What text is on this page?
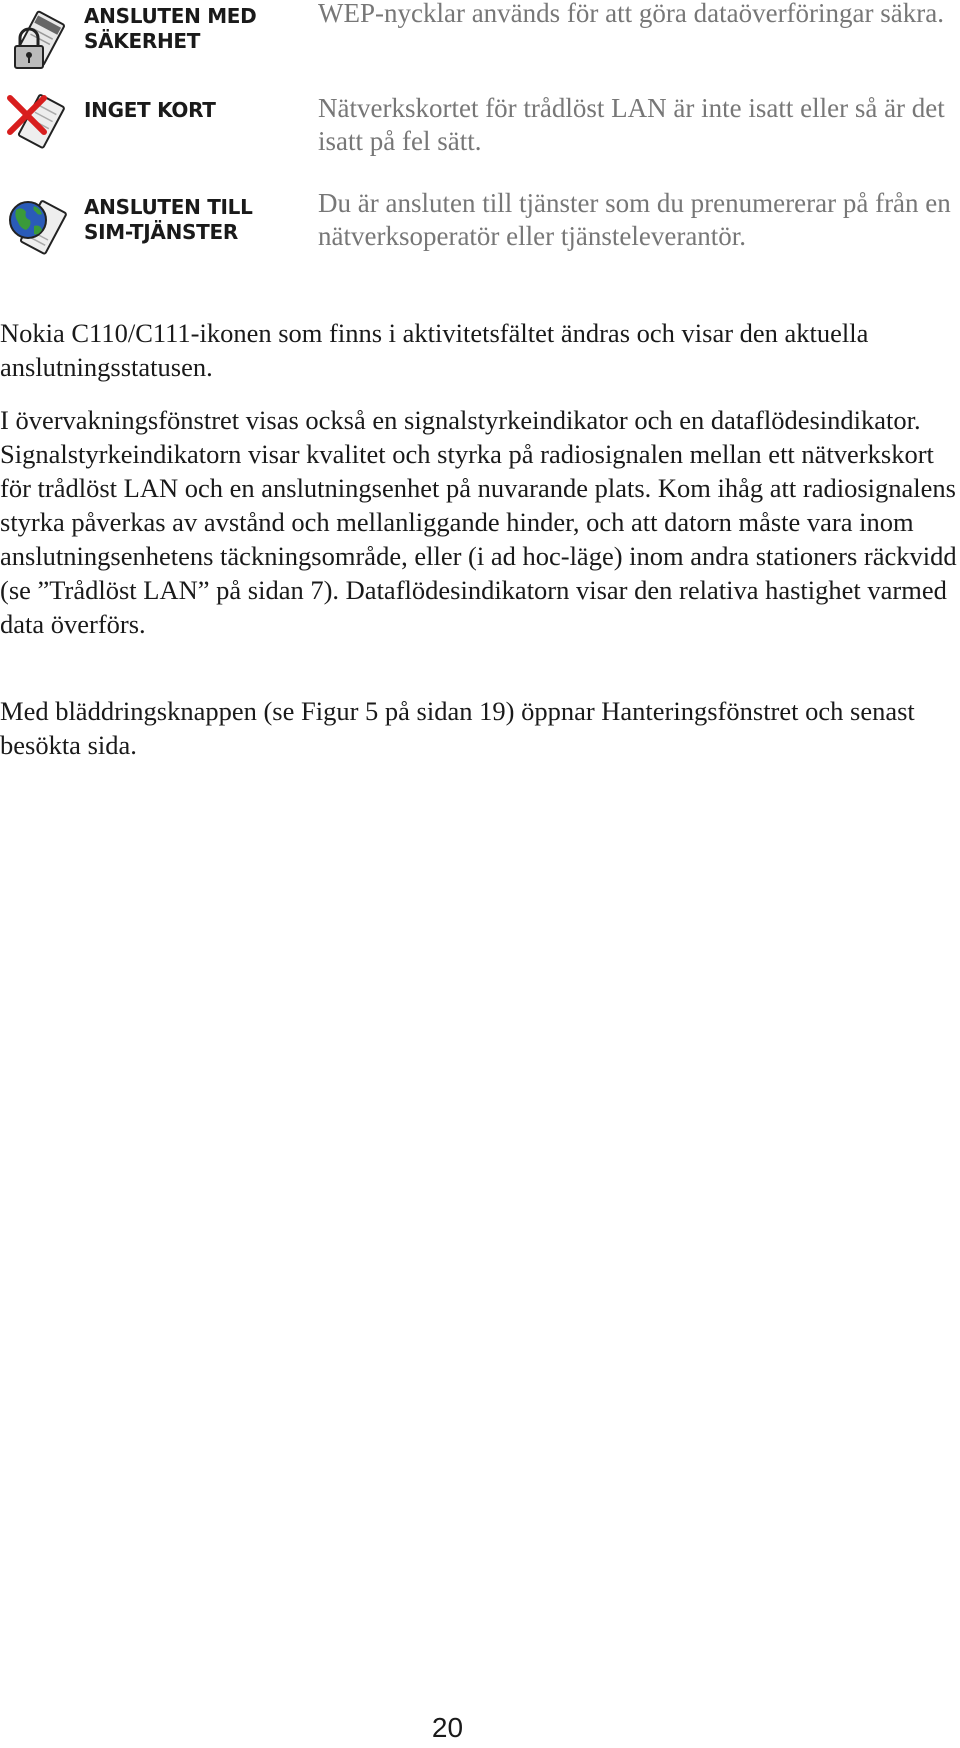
ANSLUTEN MED SÄKERHET
WEP-nycklar används för att göra dataöverföringar säkra.
INGET KORT	Nätverkskortet för trådlöst LAN är inte isatt eller så är det isatt på fel sätt.
ANSLUTEN TILL SIM-TJÄNSTER
Du är ansluten till tjänster som du prenumererar på från en nätverksoperatör eller tjänsteleverantör.

Nokia C110/C111-ikonen som finns i aktivitetsfältet ändras och visar den aktuella anslutningsstatusen.

I övervakningsfönstret visas också en signalstyrkeindikator och en dataflödesindikator. Signalstyrkeindikatorn visar kvalitet och styrka på radiosignalen mellan ett nätverkskort för trådlöst LAN och en anslutningsenhet på nuvarande plats. Kom ihåg att radiosignalens styrka påverkas av avstånd och mellanliggande hinder, och att datorn måste vara inom anslutningsenhetens täckningsområde, eller (i ad hoc-läge) inom andra stationers räckvidd (se ”Trådlöst LAN” på sidan 7). Dataflödesindikatorn visar den relativa hastighet varmed data överförs.

Med bläddringsknappen (se Figur 5 på sidan 19) öppnar Hanteringsfönstret och senast besökta sida.

20
